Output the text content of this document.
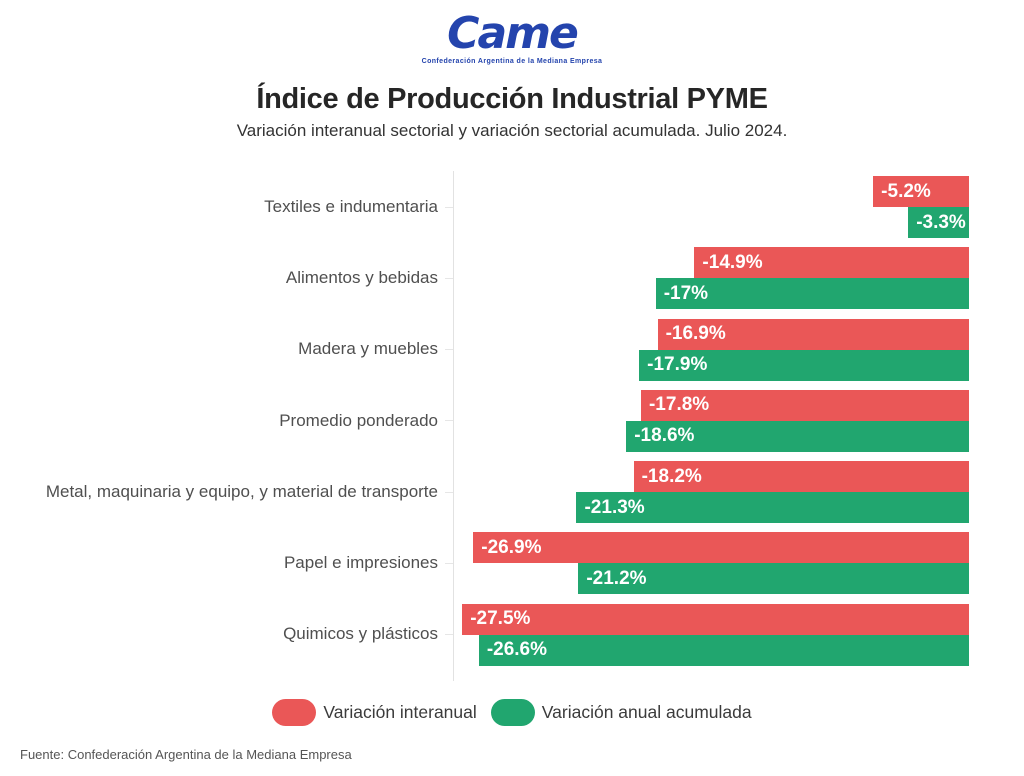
Came
Confederación Argentina de la Mediana Empresa
Índice de Producción Industrial PYME
Variación interanual sectorial y variación sectorial acumulada. Julio 2024.
Textiles e indumentaria
-5.2%
-3.3%
Alimentos y bebidas
-14.9%
-17%
Madera y muebles
-16.9%
-17.9%
Promedio ponderado
-17.8%
-18.6%
Metal, maquinaria y equipo, y material de transporte
-18.2%
-21.3%
Papel e impresiones
-26.9%
-21.2%
Quimicos y plásticos
-27.5%
-26.6%
Variación interanual	Variación anual acumulada
Fuente: Confederación Argentina de la Mediana Empresa
